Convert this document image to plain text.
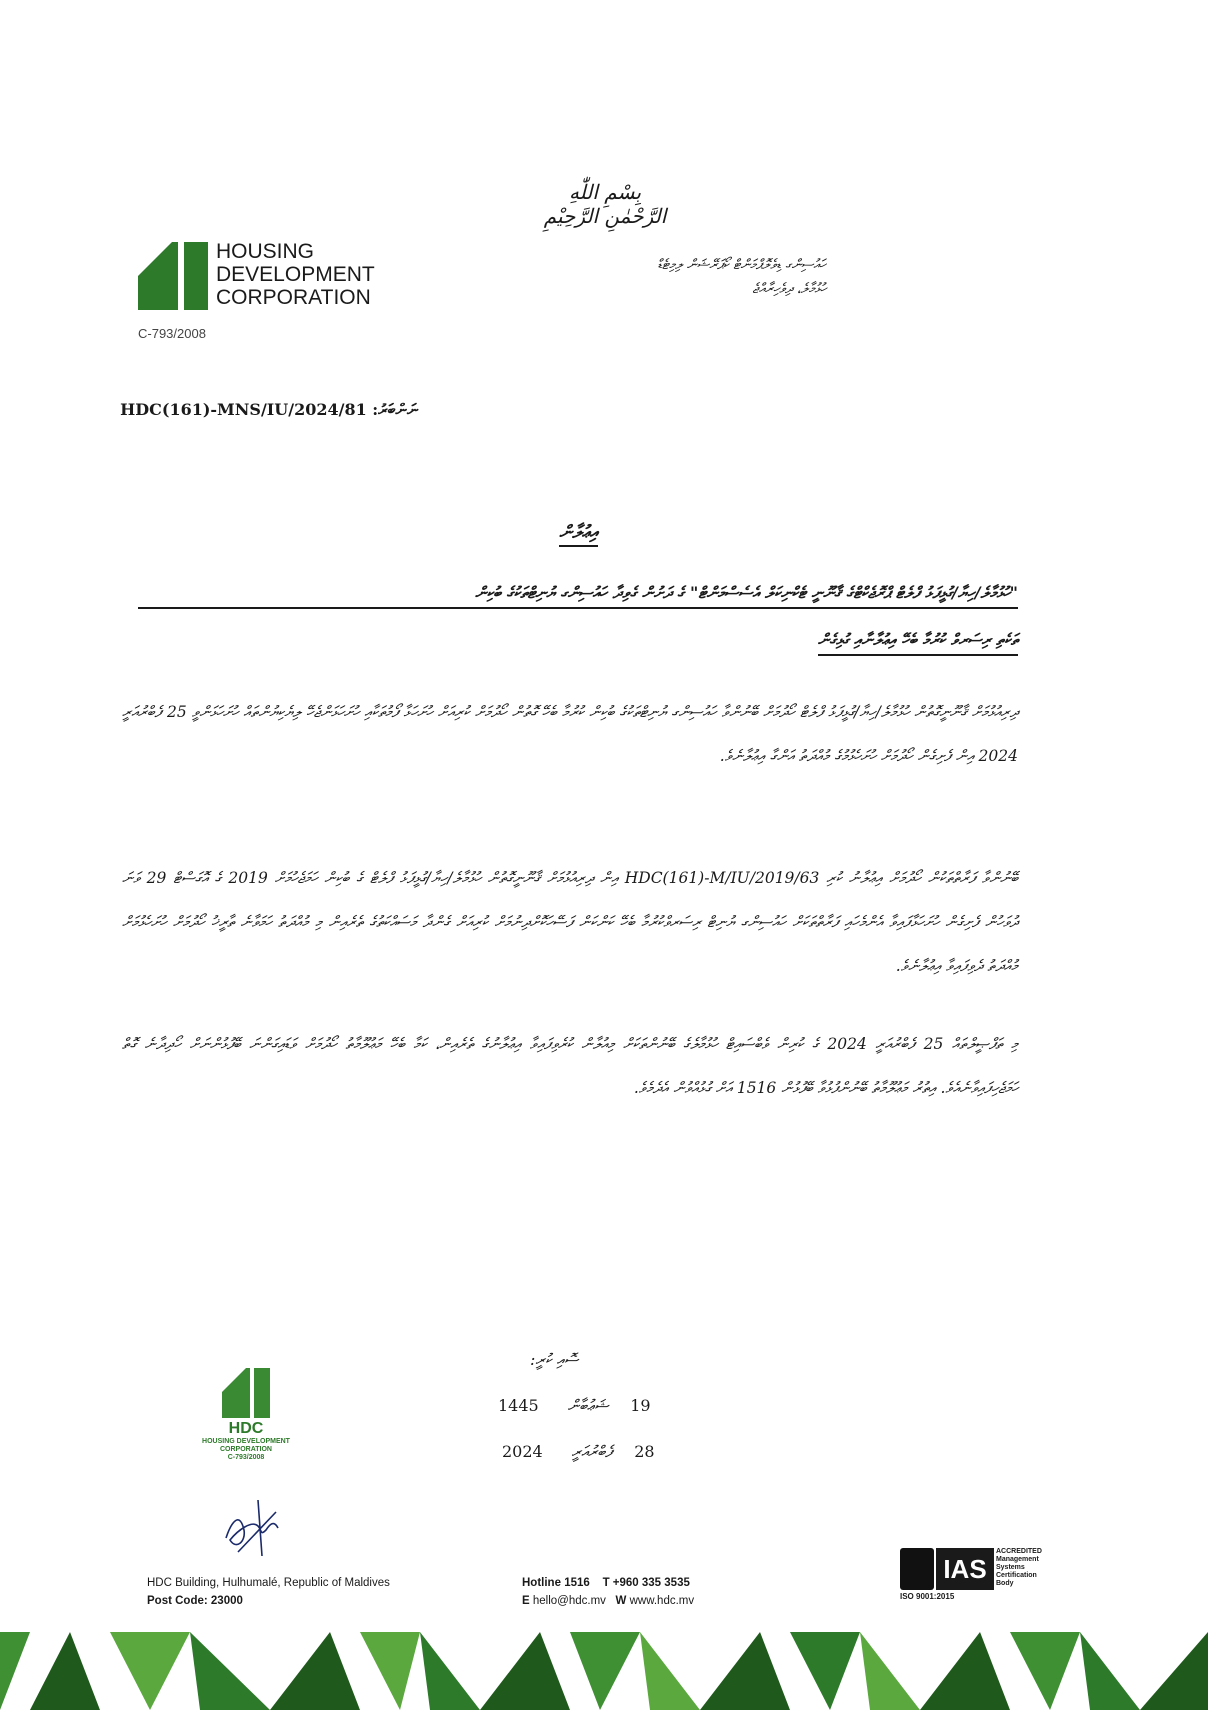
بِسْمِ اللّٰهِ الرَّحْمٰنِ الرَّحِيْمِ
HOUSING
DEVELOPMENT
CORPORATION
C-793/2008
ހައުސިންގ ޑިވެލޮޕްމަންޓް ކޯޕަރޭޝަން ލިމިޓެޑް
ހުޅުމާލެ، ދިވެހިރާއްޖެ
HDC(161)-MNS/IU/2024/81 ނަންބަރު:
އިޢުލާން
"ހުޅުމާލެ/ހިޔާ/ގުޅީފަޅު ފްލެޓް ޕްރޮޖެކްޓްގެ ޤާނޫނީ ޓެކްނިކަލް އެސެސްމަންޓް" ގެ ދަށުން ގެވިދާ ހައުސިންގ ޔުނިޓްތަކުގެ ބުކިން
ތަކެތި ރިސަރވް ކުރުމާ ބެހޭ އިޢުލާނާއި ގުޅިގެން
ދިރިއުޅުމަށް ޤާނޫނީގޮތުން ހުޅުމާލެ/ހިޔާ/ގުޅީފަޅު ފްލެޓް ހޯދުމަށް ބޭނުންވާ ހައުސިންގ ޔުނިޓްތަކުގެ ބުކިން ކުރުމާ ބެހޭ ގޮތުން ހޯދުމަށް ކުރިއަށް ހުށަހަޅާ ފޯމުތަކާއި ހުށަހަޅަންޖެހޭ ލިޔެކިޔުންތައް ހުށަހަޅަންވީ 25 ފެބްރުއަރީ 2024 އިން ފެށިގެން ހޯދުމަށް ހުށަހެޅުމުގެ މުއްދަތު އަންގާ އިޢުލާނެވެ.
ބޭނުންވާ ފަރާތްތަކުން ހޯދުމަށް އިޢުލާނު ކުރި HDC(161)-M/IU/2019/63 އިން ދިރިއުޅުމަށް ޤާނޫނީގޮތުން ހުޅުމާލެ/ހިޔާ/ގުޅީފަޅު ފްލެޓް ގެ ބުކިން ހަމަޖެހުމަށް 2019 ގެ އޮގަސްޓް 29 ވަނަ ދުވަހުން ފެށިގެން ހުށަހަޅާފައިވާ އެންމެހައި ފަރާތްތަކަށް ހައުސިންގ ޔުނިޓް ރިސަރވްކުރުމާ ބެހޭ ކަންކަން ފަސޭހަކޮށްދިނުމަށް ކުރިއަށް ގެންދާ މަސައްކަތުގެ ތެރެއިން މި މުއްދަތު ހަމަވާނެ ތާރީޚު ހޯދުމަށް ހުށަހެޅުމަށް މުއްދަތު ދެވިފައިވާ އިޢުލާނެވެ.
މި ތަފްޞީލްތައް 25 ފެބްރުއަރީ 2024 ގެ ކުރިން ވެބްސައިޓް ހުޅުމާލެގެ ބޭނުންތަކަށް މިއުލާން ކުރެވިފައިވާ އިޢުލާނުގެ ތެރެއިން، ކަމާ ބެހޭ މަޢުލޫމާތު ހޯދުމަށް ވަޑައިގަންނަ ބޭފުޅުންނަށް ހޯދިދާނެ ގޮތް ހަމަޖެހިފައިވާނެއެވެ. އިތުރު މަޢުލޫމާތު ބޭނުންފުޅުވާ ބޭފުޅުން 1516 އަށް ގުޅުއްވުން އެދެމެވެ.
ސޮއި ކުރީ:
1445 ޝަޢުބާން 19
2024 ފެބްރުއަރީ 28
HDC
HOUSING DEVELOPMENT CORPORATION
C-793/2008
HDC Building, Hulhumalé, Republic of Maldives
Post Code: 23000
Hotline 1516 T +960 335 3535
E hello@hdc.mv W www.hdc.mv
IAS
ACCREDITED
Management Systems Certification Body
ISO 9001:2015
